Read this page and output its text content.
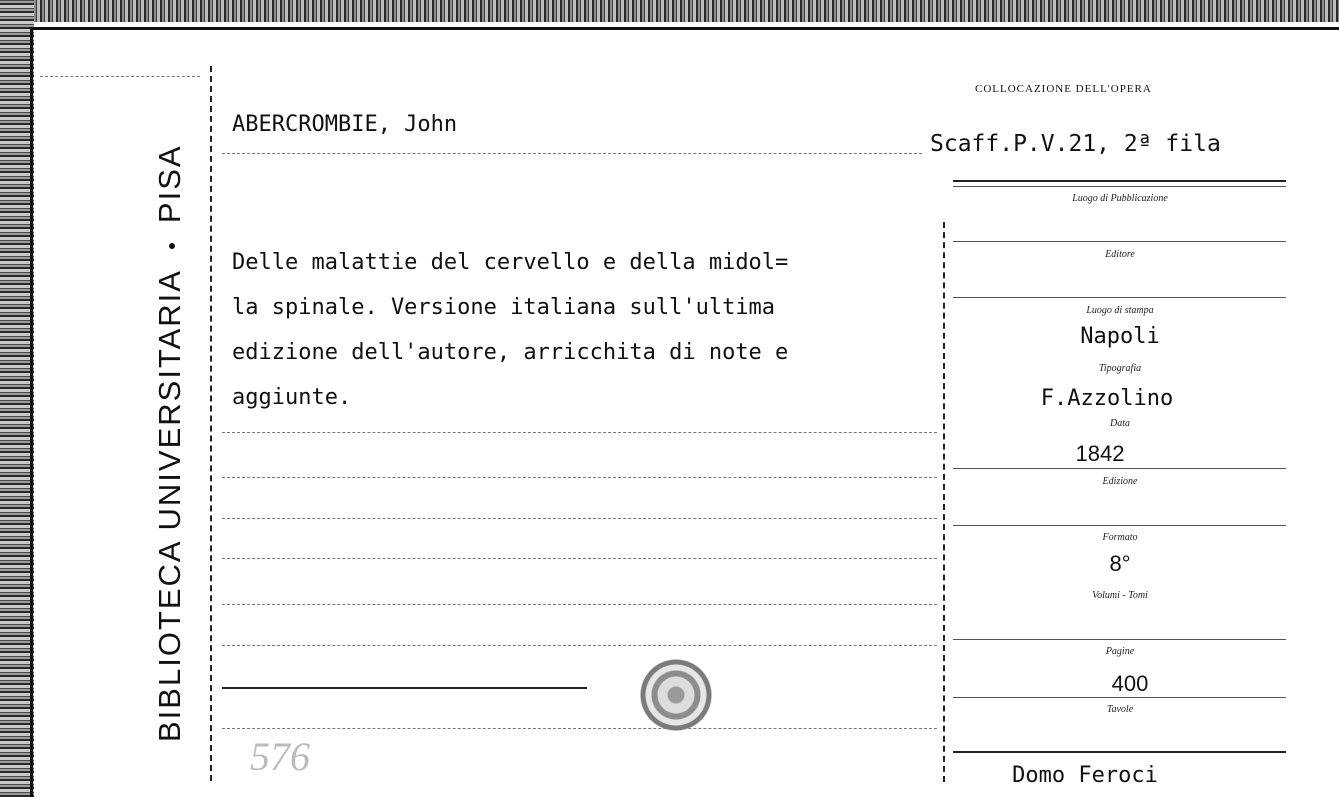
BIBLIOTECA UNIVERSITARIAPISA
ABERCROMBIE, John
Delle malattie del cervello e della midol=
la spinale. Versione italiana sull'ultima
edizione dell'autore, arricchita di note e
aggiunte.
COLLOCAZIONE DELL'OPERA
Scaff.P.V.21, 2ª fila
Luogo di Pubblicazione
Editore
Luogo di stampa
Napoli
Tipografia
F.Azzolino
Data
1842
Edizione
Formato
8°
Volumi - Tomi
Pagine
400
Tavole
Domo Feroci
576
